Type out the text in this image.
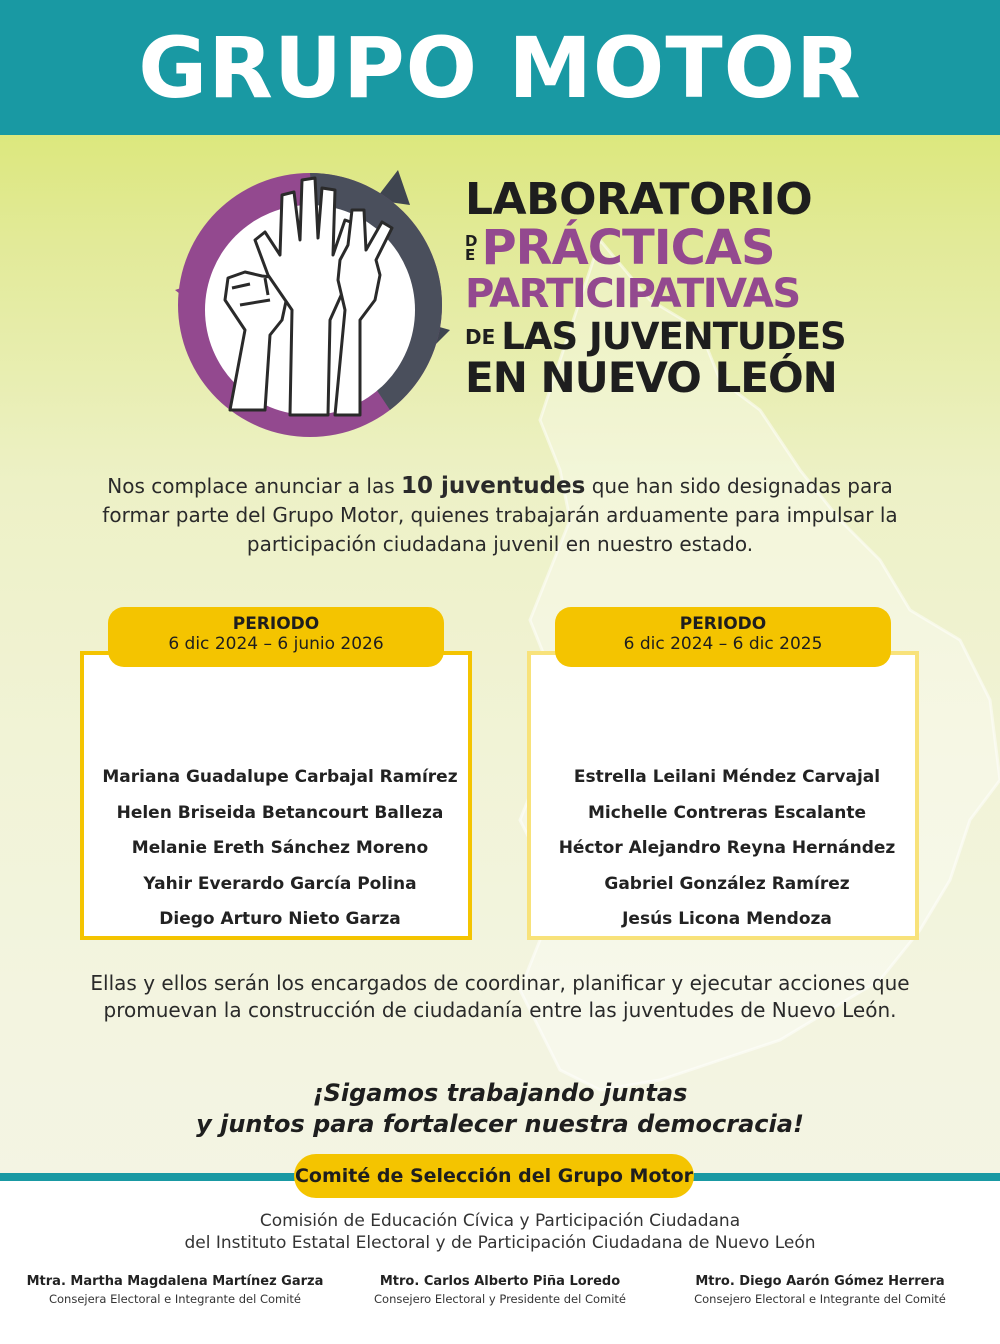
GRUPO MOTOR
LABORATORIO
D
E PRÁCTICAS
PARTICIPATIVAS
DE LAS JUVENTUDES
EN NUEVO LEÓN

Nos complace anunciar a las 10 juventudes que han sido designadas para formar parte del Grupo Motor, quienes trabajarán arduamente para impulsar la participación ciudadana juvenil en nuestro estado.

Mariana Guadalupe Carbajal Ramírez
Helen Briseida Betancourt Balleza
Melanie Ereth Sánchez Moreno
Yahir Everardo García Polina
Diego Arturo Nieto Garza
PERIODO
6 dic 2024 – 6 junio 2026
Estrella Leilani Méndez Carvajal
Michelle Contreras Escalante
Héctor Alejandro Reyna Hernández
Gabriel González Ramírez
Jesús Licona Mendoza
PERIODO
6 dic 2024 – 6 dic 2025

Ellas y ellos serán los encargados de coordinar, planificar y ejecutar acciones que promuevan la construcción de ciudadanía entre las juventudes de Nuevo León.

¡Sigamos trabajando juntas
y juntos para fortalecer nuestra democracia!
Comité de Selección del Grupo Motor
Comisión de Educación Cívica y Participación Ciudadana
del Instituto Estatal Electoral y de Participación Ciudadana de Nuevo León
Mtra. Martha Magdalena Martínez Garza
Consejera Electoral e Integrante del Comité
Mtro. Carlos Alberto Piña Loredo
Consejero Electoral y Presidente del Comité
Mtro. Diego Aarón Gómez Herrera
Consejero Electoral e Integrante del Comité
